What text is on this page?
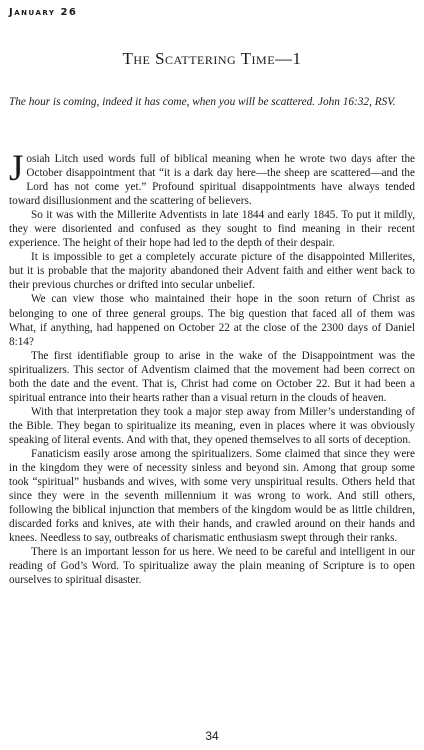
January 26
The Scattering Time—1
The hour is coming, indeed it has come, when you will be scattered. John 16:32, RSV.

Josiah Litch used words full of biblical meaning when he wrote two days after the October disappointment that “it is a dark day here—the sheep are scattered—and the Lord has not come yet.” Profound spiritual disappointments have always tended toward disillusionment and the scattering of believers.

So it was with the Millerite Adventists in late 1844 and early 1845. To put it mildly, they were disoriented and confused as they sought to find meaning in their recent experience. The height of their hope had led to the depth of their despair.

It is impossible to get a completely accurate picture of the disappointed Millerites, but it is probable that the majority abandoned their Advent faith and either went back to their previous churches or drifted into secular unbelief.

We can view those who maintained their hope in the soon return of Christ as belonging to one of three general groups. The big question that faced all of them was What, if anything, had happened on October 22 at the close of the 2300 days of Daniel 8:14?

The first identifiable group to arise in the wake of the Disappointment was the spiritualizers. This sector of Adventism claimed that the movement had been correct on both the date and the event. That is, Christ had come on October 22. But it had been a spiritual entrance into their hearts rather than a visual return in the clouds of heaven.

With that interpretation they took a major step away from Miller’s understanding of the Bible. They began to spiritualize its meaning, even in places where it was obviously speaking of literal events. And with that, they opened themselves to all sorts of deception.

Fanaticism easily arose among the spiritualizers. Some claimed that since they were in the kingdom they were of necessity sinless and beyond sin. Among that group some took “spiritual” husbands and wives, with some very unspiritual results. Others held that since they were in the seventh millennium it was wrong to work. And still others, following the biblical injunction that members of the kingdom would be as little children, discarded forks and knives, ate with their hands, and crawled around on their hands and knees. Needless to say, outbreaks of charismatic enthusiasm swept through their ranks.

There is an important lesson for us here. We need to be careful and intelligent in our reading of God’s Word. To spiritualize away the plain meaning of Scripture is to open ourselves to spiritual disaster.

34
